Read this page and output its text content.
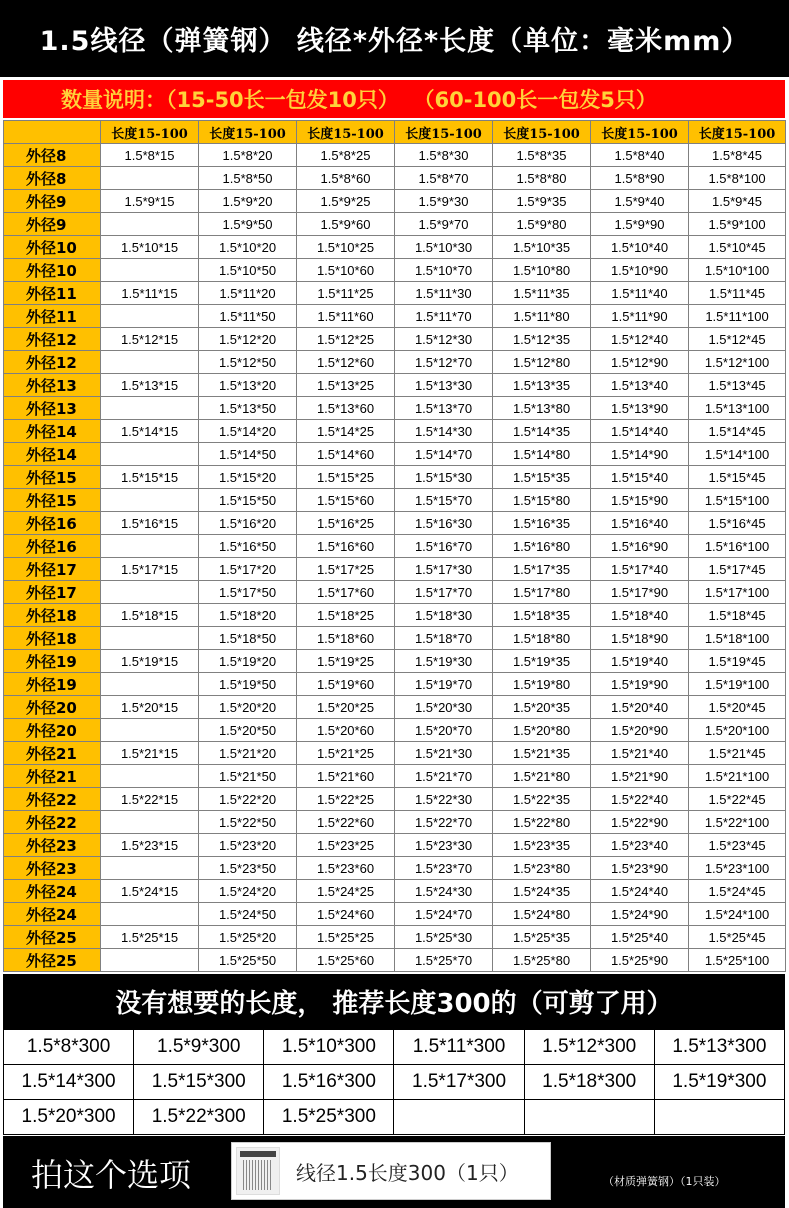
1.5线径（弹簧钢） 线径*外径*长度（单位：毫米mm）
数量说明：（15-50长一包发10只）  （60-100长一包发5只）
	长度15-100	长度15-100	长度15-100	长度15-100	长度15-100	长度15-100	长度15-100
外径8	1.5*8*15	1.5*8*20	1.5*8*25	1.5*8*30	1.5*8*35	1.5*8*40	1.5*8*45
外径8		1.5*8*50	1.5*8*60	1.5*8*70	1.5*8*80	1.5*8*90	1.5*8*100
外径9	1.5*9*15	1.5*9*20	1.5*9*25	1.5*9*30	1.5*9*35	1.5*9*40	1.5*9*45
外径9		1.5*9*50	1.5*9*60	1.5*9*70	1.5*9*80	1.5*9*90	1.5*9*100
外径10	1.5*10*15	1.5*10*20	1.5*10*25	1.5*10*30	1.5*10*35	1.5*10*40	1.5*10*45
外径10		1.5*10*50	1.5*10*60	1.5*10*70	1.5*10*80	1.5*10*90	1.5*10*100
外径11	1.5*11*15	1.5*11*20	1.5*11*25	1.5*11*30	1.5*11*35	1.5*11*40	1.5*11*45
外径11		1.5*11*50	1.5*11*60	1.5*11*70	1.5*11*80	1.5*11*90	1.5*11*100
外径12	1.5*12*15	1.5*12*20	1.5*12*25	1.5*12*30	1.5*12*35	1.5*12*40	1.5*12*45
外径12		1.5*12*50	1.5*12*60	1.5*12*70	1.5*12*80	1.5*12*90	1.5*12*100
外径13	1.5*13*15	1.5*13*20	1.5*13*25	1.5*13*30	1.5*13*35	1.5*13*40	1.5*13*45
外径13		1.5*13*50	1.5*13*60	1.5*13*70	1.5*13*80	1.5*13*90	1.5*13*100
外径14	1.5*14*15	1.5*14*20	1.5*14*25	1.5*14*30	1.5*14*35	1.5*14*40	1.5*14*45
外径14		1.5*14*50	1.5*14*60	1.5*14*70	1.5*14*80	1.5*14*90	1.5*14*100
外径15	1.5*15*15	1.5*15*20	1.5*15*25	1.5*15*30	1.5*15*35	1.5*15*40	1.5*15*45
外径15		1.5*15*50	1.5*15*60	1.5*15*70	1.5*15*80	1.5*15*90	1.5*15*100
外径16	1.5*16*15	1.5*16*20	1.5*16*25	1.5*16*30	1.5*16*35	1.5*16*40	1.5*16*45
外径16		1.5*16*50	1.5*16*60	1.5*16*70	1.5*16*80	1.5*16*90	1.5*16*100
外径17	1.5*17*15	1.5*17*20	1.5*17*25	1.5*17*30	1.5*17*35	1.5*17*40	1.5*17*45
外径17		1.5*17*50	1.5*17*60	1.5*17*70	1.5*17*80	1.5*17*90	1.5*17*100
外径18	1.5*18*15	1.5*18*20	1.5*18*25	1.5*18*30	1.5*18*35	1.5*18*40	1.5*18*45
外径18		1.5*18*50	1.5*18*60	1.5*18*70	1.5*18*80	1.5*18*90	1.5*18*100
外径19	1.5*19*15	1.5*19*20	1.5*19*25	1.5*19*30	1.5*19*35	1.5*19*40	1.5*19*45
外径19		1.5*19*50	1.5*19*60	1.5*19*70	1.5*19*80	1.5*19*90	1.5*19*100
外径20	1.5*20*15	1.5*20*20	1.5*20*25	1.5*20*30	1.5*20*35	1.5*20*40	1.5*20*45
外径20		1.5*20*50	1.5*20*60	1.5*20*70	1.5*20*80	1.5*20*90	1.5*20*100
外径21	1.5*21*15	1.5*21*20	1.5*21*25	1.5*21*30	1.5*21*35	1.5*21*40	1.5*21*45
外径21		1.5*21*50	1.5*21*60	1.5*21*70	1.5*21*80	1.5*21*90	1.5*21*100
外径22	1.5*22*15	1.5*22*20	1.5*22*25	1.5*22*30	1.5*22*35	1.5*22*40	1.5*22*45
外径22		1.5*22*50	1.5*22*60	1.5*22*70	1.5*22*80	1.5*22*90	1.5*22*100
外径23	1.5*23*15	1.5*23*20	1.5*23*25	1.5*23*30	1.5*23*35	1.5*23*40	1.5*23*45
外径23		1.5*23*50	1.5*23*60	1.5*23*70	1.5*23*80	1.5*23*90	1.5*23*100
外径24	1.5*24*15	1.5*24*20	1.5*24*25	1.5*24*30	1.5*24*35	1.5*24*40	1.5*24*45
外径24		1.5*24*50	1.5*24*60	1.5*24*70	1.5*24*80	1.5*24*90	1.5*24*100
外径25	1.5*25*15	1.5*25*20	1.5*25*25	1.5*25*30	1.5*25*35	1.5*25*40	1.5*25*45
外径25		1.5*25*50	1.5*25*60	1.5*25*70	1.5*25*80	1.5*25*90	1.5*25*100
没有想要的长度， 推荐长度300的（可剪了用）
1.5*8*300	1.5*9*300	1.5*10*300	1.5*11*300	1.5*12*300	1.5*13*300
1.5*14*300	1.5*15*300	1.5*16*300	1.5*17*300	1.5*18*300	1.5*19*300
1.5*20*300	1.5*22*300	1.5*25*300			
拍这个选项	线径1.5长度300（1只）	（材质弹簧钢）（1只装）
